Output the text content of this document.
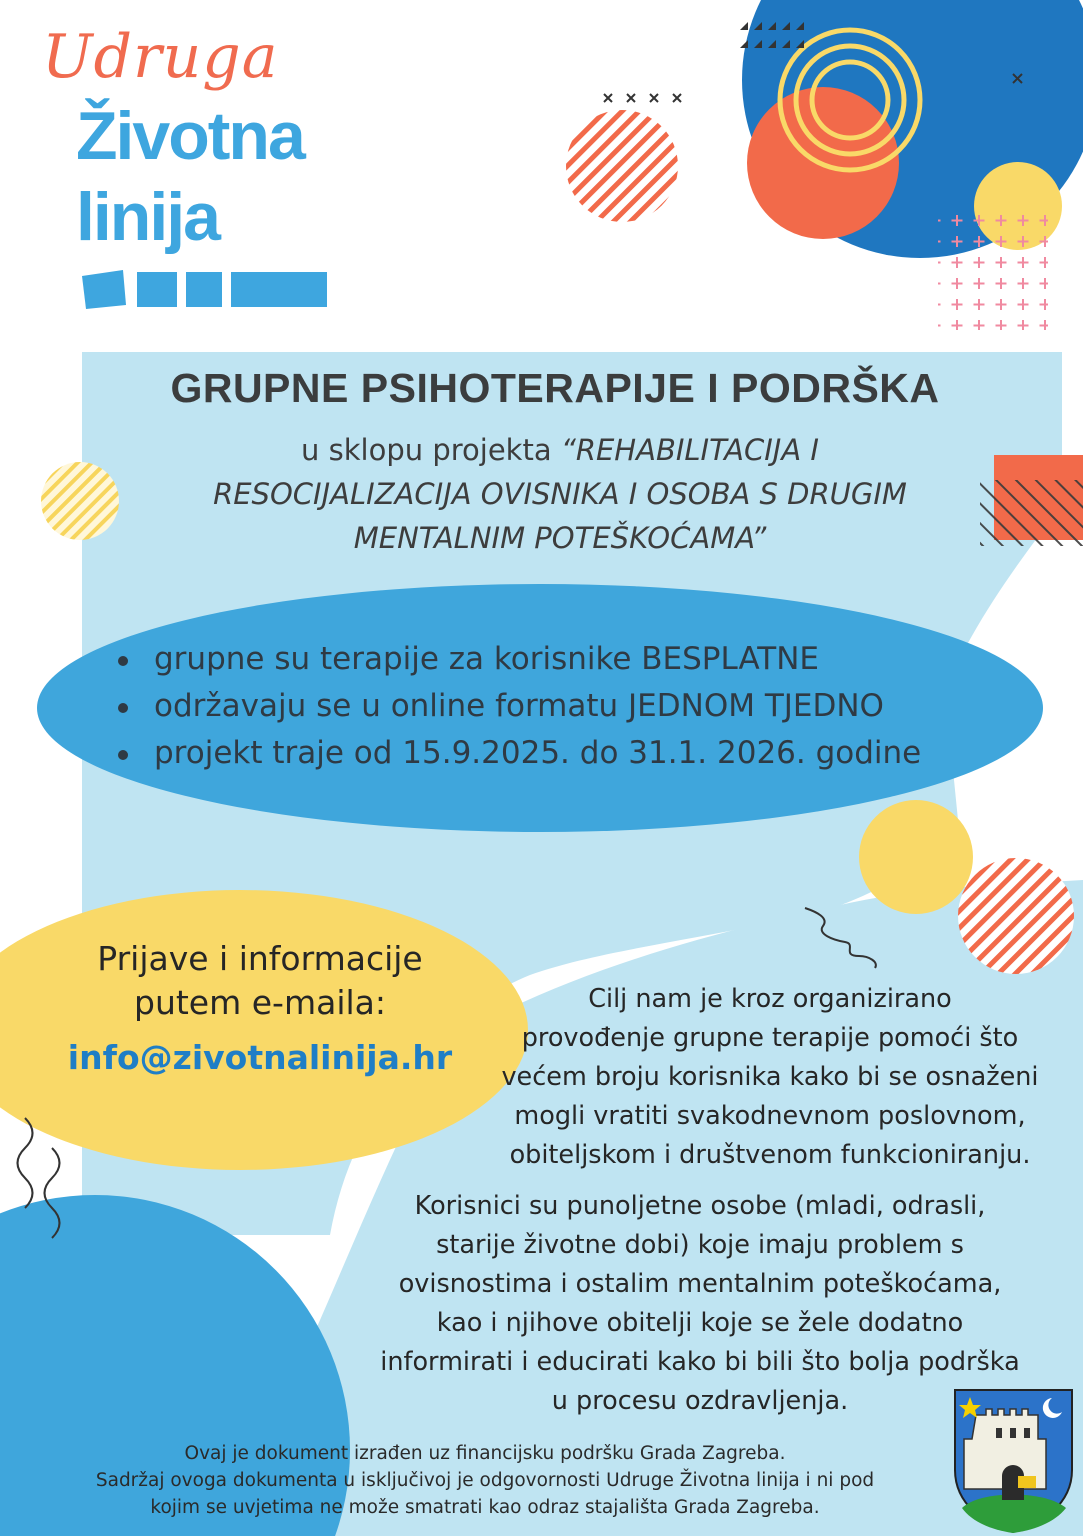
Udruga
Životna
linija
GRUPNE PSIHOTERAPIJE I PODRŠKA
u sklopu projekta “REHABILITACIJA I
RESOCIJALIZACIJA OVISNIKA I OSOBA S DRUGIM
MENTALNIM POTEŠKOĆAMA”
grupne su terapije za korisnike BESPLATNE
održavaju se u online formatu JEDNOM TJEDNO
projekt traje od 15.9.2025. do 31.1. 2026. godine
Prijave i informacije
putem e-maila:
info@zivotnalinija.hr
Cilj nam je kroz organizirano
provođenje grupne terapije pomoći što
većem broju korisnika kako bi se osnaženi
mogli vratiti svakodnevnom poslovnom,
obiteljskom i društvenom funkcioniranju.
Korisnici su punoljetne osobe (mladi, odrasli,
starije životne dobi) koje imaju problem s
ovisnostima i ostalim mentalnim poteškoćama,
kao i njihove obitelji koje se žele dodatno
informirati i educirati kako bi bili što bolja podrška
u procesu ozdravljenja.
Ovaj je dokument izrađen uz financijsku podršku Grada Zagreba.
Sadržaj ovoga dokumenta u isključivoj je odgovornosti Udruge Životna linija i ni pod
kojim se uvjetima ne može smatrati kao odraz stajališta Grada Zagreba.
